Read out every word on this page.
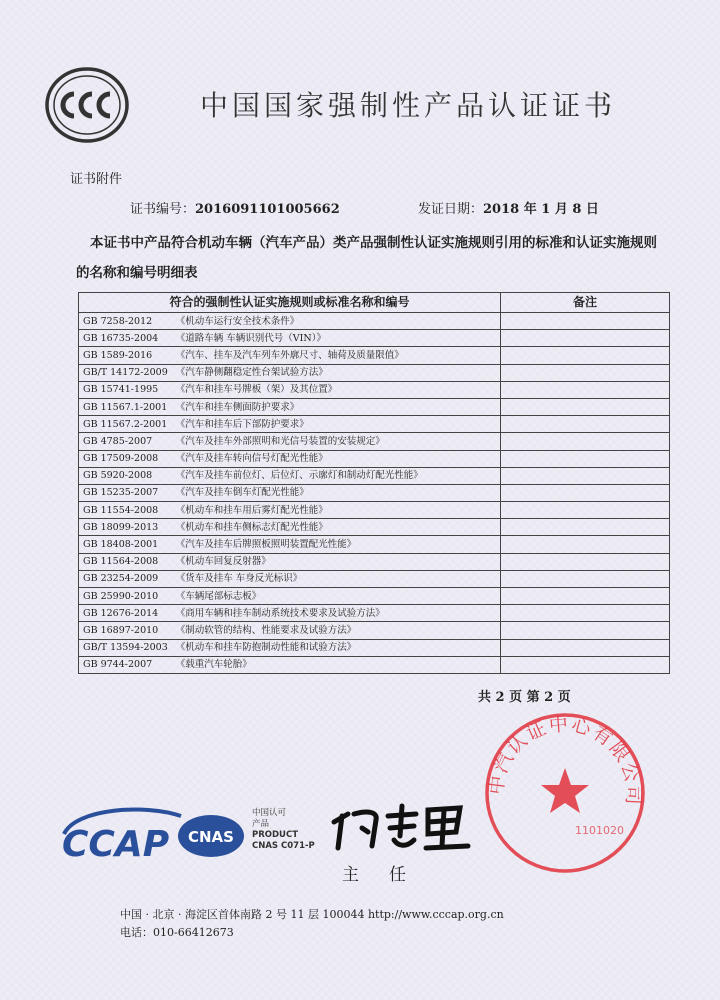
中国国家强制性产品认证证书
证书附件
证书编号：2016091101005662	发证日期：2018 年 1 月 8 日
本证书中产品符合机动车辆（汽车产品）类产品强制性认证实施规则引用的标准和认证实施规则的名称和编号明细表
符合的强制性认证实施规则或标准名称和编号		备注
GB 7258-2012	《机动车运行安全技术条件》	
GB 16735-2004	《道路车辆 车辆识别代号（VIN）》	
GB 1589-2016	《汽车、挂车及汽车列车外廓尺寸、轴荷及质量限值》	
GB/T 14172-2009	《汽车静侧翻稳定性台架试验方法》	
GB 15741-1995	《汽车和挂车号牌板（架）及其位置》	
GB 11567.1-2001	《汽车和挂车侧面防护要求》	
GB 11567.2-2001	《汽车和挂车后下部防护要求》	
GB 4785-2007	《汽车及挂车外部照明和光信号装置的安装规定》	
GB 17509-2008	《汽车及挂车转向信号灯配光性能》	
GB 5920-2008	《汽车及挂车前位灯、后位灯、示廓灯和制动灯配光性能》	
GB 15235-2007	《汽车及挂车倒车灯配光性能》	
GB 11554-2008	《机动车和挂车用后雾灯配光性能》	
GB 18099-2013	《机动车和挂车侧标志灯配光性能》	
GB 18408-2001	《汽车及挂车后牌照板照明装置配光性能》	
GB 11564-2008	《机动车回复反射器》	
GB 23254-2009	《货车及挂车 车身反光标识》	
GB 25990-2010	《车辆尾部标志板》	
GB 12676-2014	《商用车辆和挂车制动系统技术要求及试验方法》	
GB 16897-2010	《制动软管的结构、性能要求及试验方法》	
GB/T 13594-2003	《机动车和挂车防抱制动性能和试验方法》	
GB 9744-2007	《载重汽车轮胎》	
共 2 页 第 2 页
中汽认证中心有限公司
1101020
CCAP CNAS
中国认可
产品
PRODUCT
CNAS C071-P
主任
中国 · 北京 · 海淀区首体南路 2 号 11 层 100044 http://www.cccap.org.cn
电话：010-66412673
